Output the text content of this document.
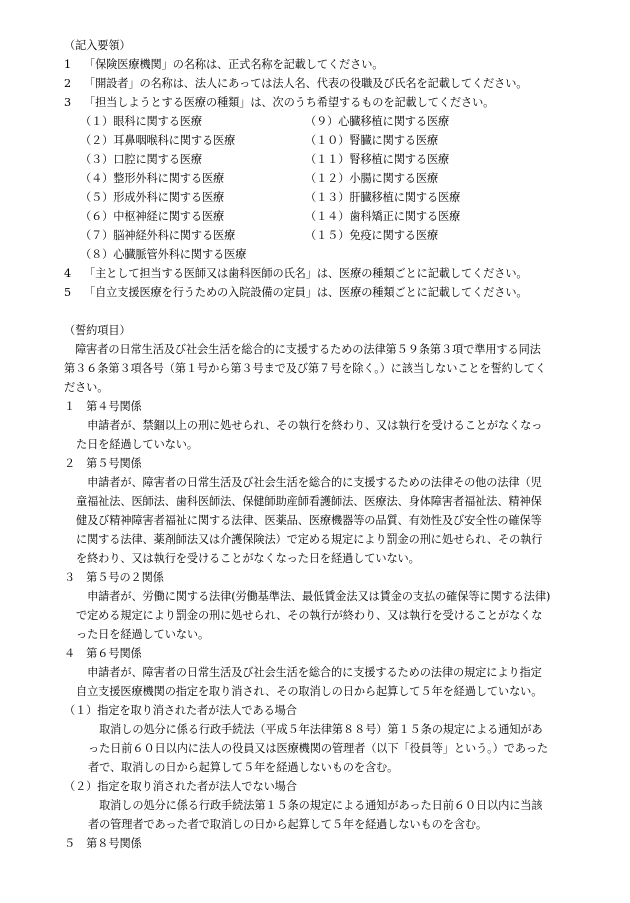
（記入要領）
1 「保険医療機関」の名称は、正式名称を記載してください。
2 「開設者」の名称は、法人にあっては法人名、代表の役職及び氏名を記載してください。
3 「担当しようとする医療の種類」は、次のうち希望するものを記載してください。
（１）眼科に関する医療
（２）耳鼻咽喉科に関する医療
（３）口腔に関する医療
（４）整形外科に関する医療
（５）形成外科に関する医療
（６）中枢神経に関する医療
（７）脳神経外科に関する医療
（８）心臓脈管外科に関する医療
（９）心臓移植に関する医療
（１０）腎臓に関する医療
（１１）腎移植に関する医療
（１２）小腸に関する医療
（１３）肝臓移植に関する医療
（１４）歯科矯正に関する医療
（１５）免疫に関する医療
4 「主として担当する医師又は歯科医師の氏名」は、医療の種類ごとに記載してください。
5 「自立支援医療を行うための入院設備の定員」は、医療の種類ごとに記載してください。
（誓約項目）
　障害者の日常生活及び社会生活を総合的に支援するための法律第５９条第３項で準用する同法
第３６条第３項各号（第１号から第３号まで及び第７号を除く。）に該当しないことを誓約してく
ださい。
１　第４号関係
　申請者が、禁錮以上の刑に処せられ、その執行を終わり、又は執行を受けることがなくなっ
た日を経過していない。
２　第５号関係
　申請者が、障害者の日常生活及び社会生活を総合的に支援するための法律その他の法律（児
童福祉法、医師法、歯科医師法、保健師助産師看護師法、医療法、身体障害者福祉法、精神保
健及び精神障害者福祉に関する法律、医薬品、医療機器等の品質、有効性及び安全性の確保等
に関する法律、薬剤師法又は介護保険法）で定める規定により罰金の刑に処せられ、その執行
を終わり、又は執行を受けることがなくなった日を経過していない。
３　第５号の２関係
　申請者が、労働に関する法律(労働基準法、最低賃金法又は賃金の支払の確保等に関する法律)
で定める規定により罰金の刑に処せられ、その執行が終わり、又は執行を受けることがなくな
った日を経過していない。
４　第６号関係
　申請者が、障害者の日常生活及び社会生活を総合的に支援するための法律の規定により指定
自立支援医療機関の指定を取り消され、その取消しの日から起算して５年を経過していない。
（１）指定を取り消された者が法人である場合
　取消しの処分に係る行政手続法（平成５年法律第８８号）第１５条の規定による通知があ
った日前６０日以内に法人の役員又は医療機関の管理者（以下「役員等」という。）であった
者で、取消しの日から起算して５年を経過しないものを含む。
（２）指定を取り消された者が法人でない場合
　取消しの処分に係る行政手続法第１５条の規定による通知があった日前６０日以内に当該
者の管理者であった者で取消しの日から起算して５年を経過しないものを含む。
５　第８号関係
